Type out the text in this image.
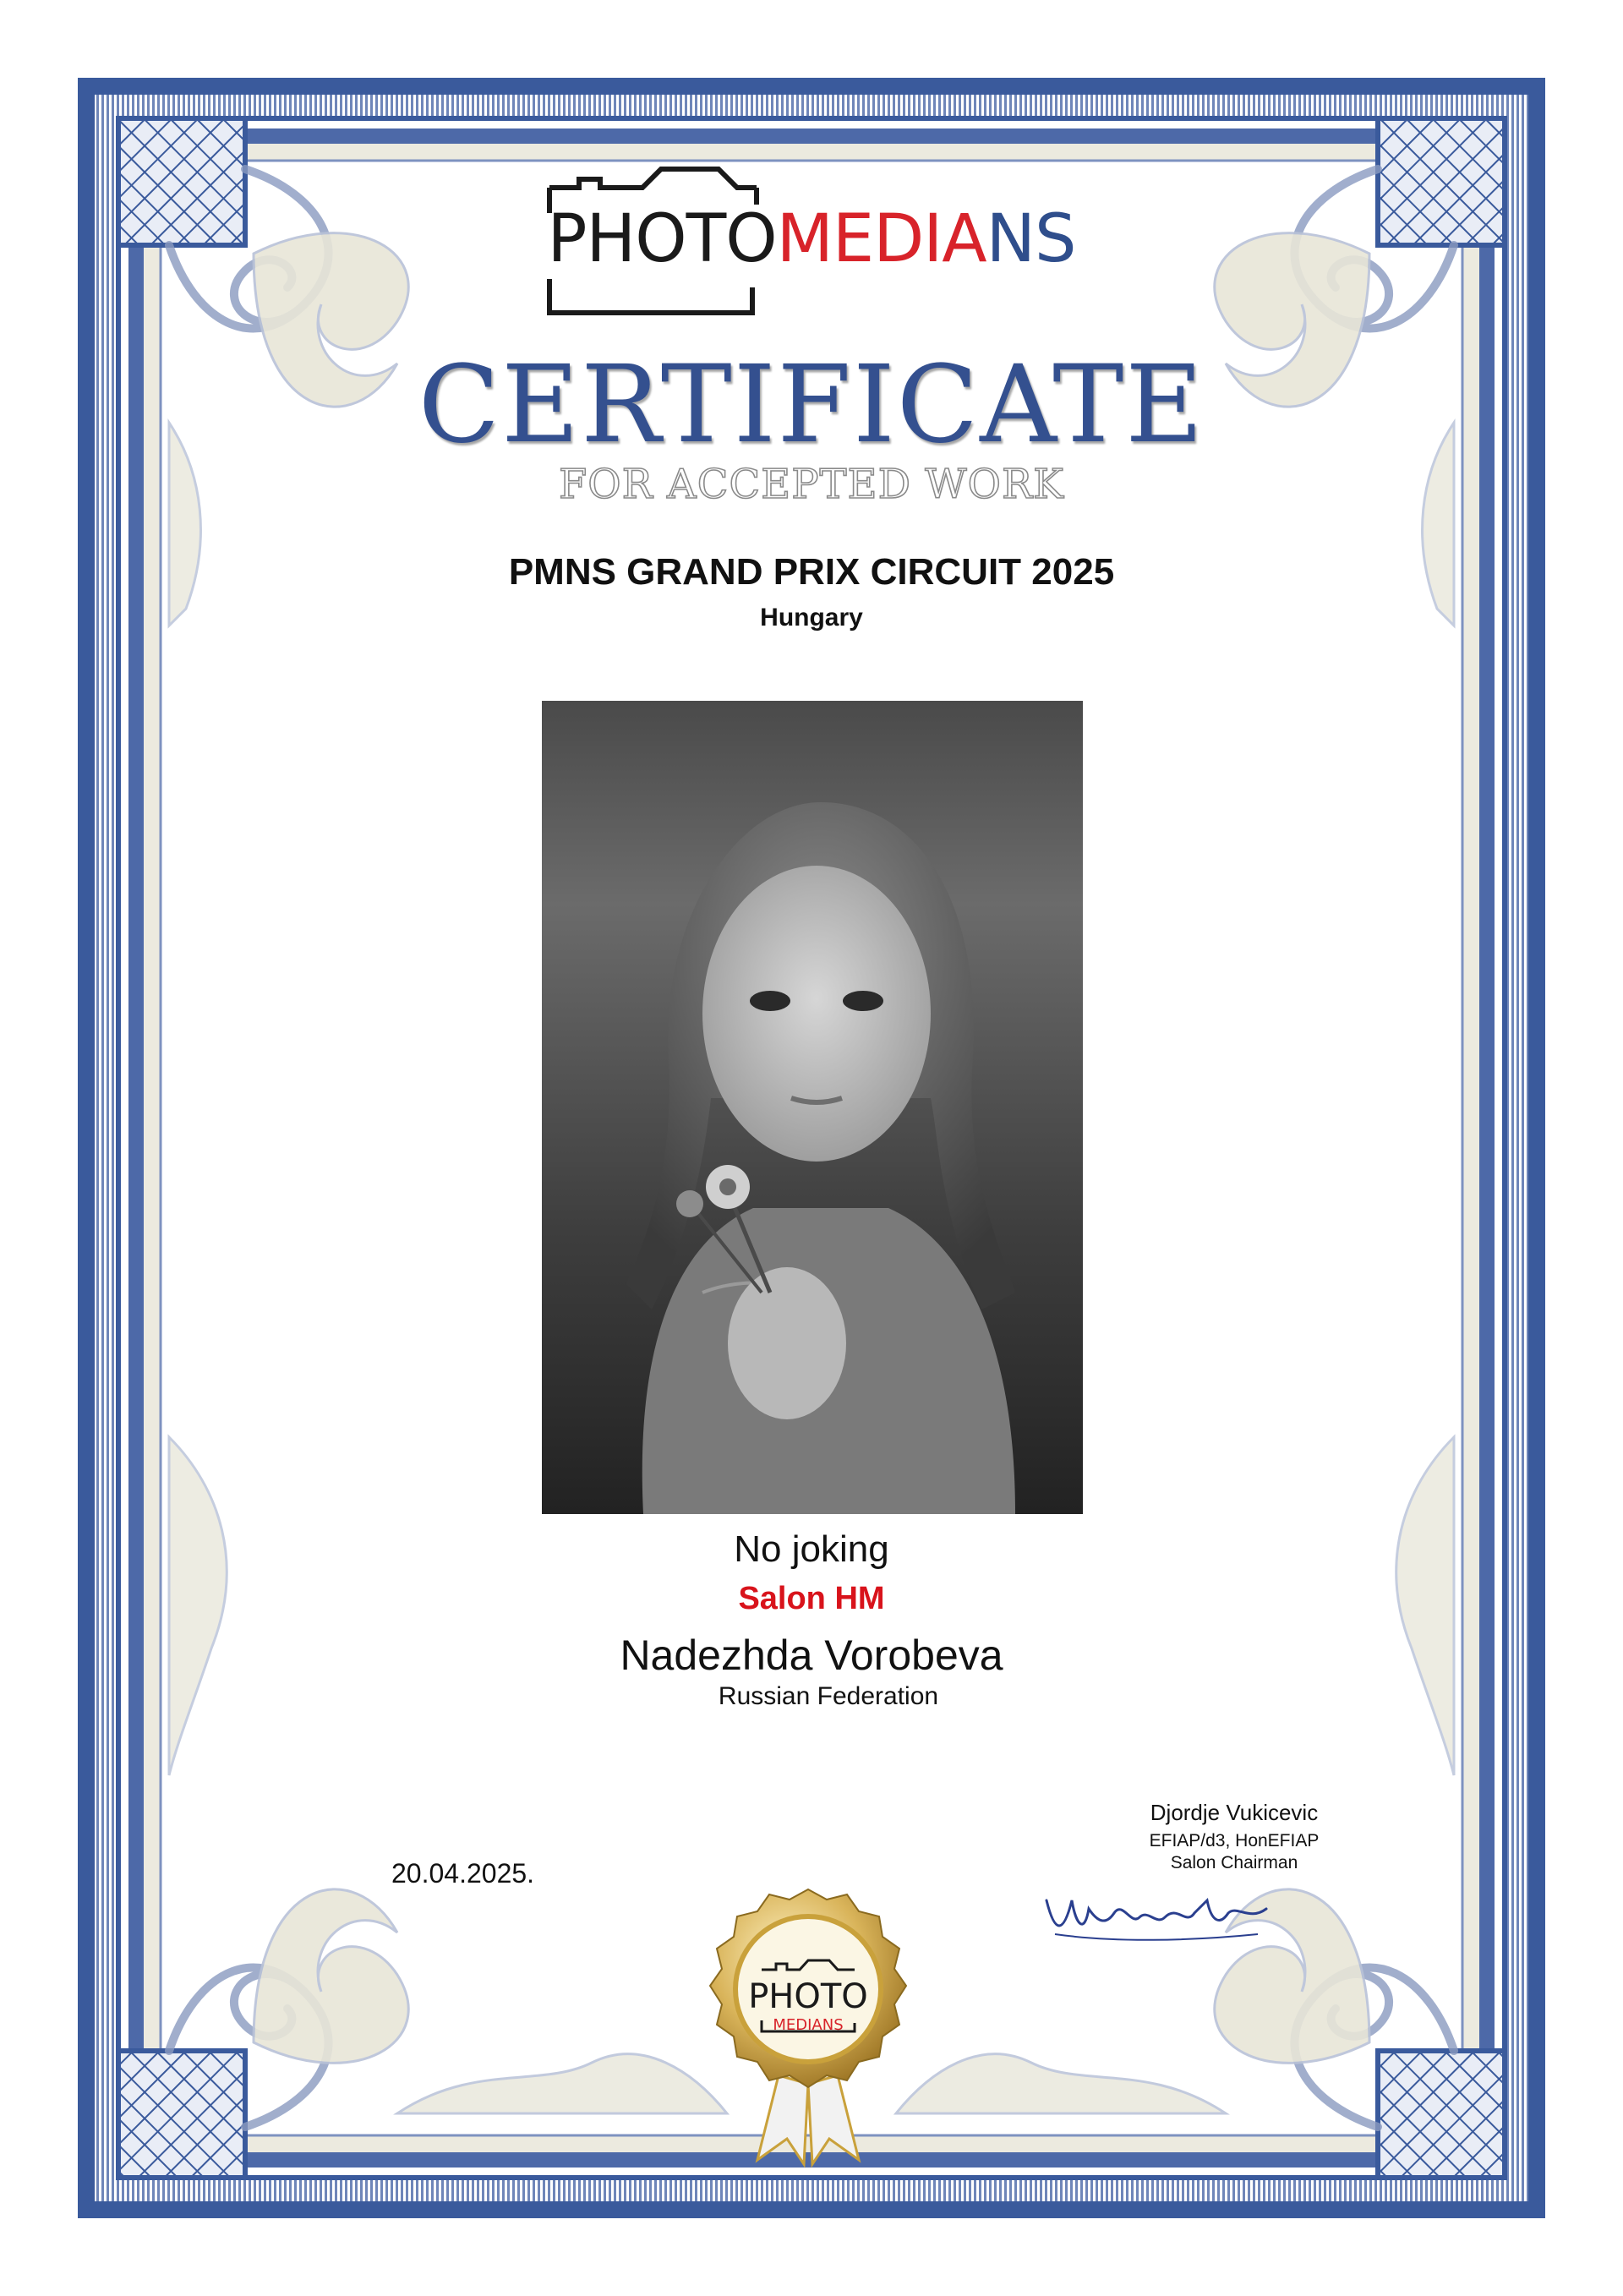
PHOTOMEDIANS
CERTIFICATE
FOR ACCEPTED WORK
PMNS GRAND PRIX CIRCUIT 2025
Hungary
No joking
Salon HM
Nadezhda Vorobeva
Russian Federation
20.04.2025.
Djordje Vukicevic
EFIAP/d3, HonEFIAP
Salon Chairman
PHOTO
MEDIANS
